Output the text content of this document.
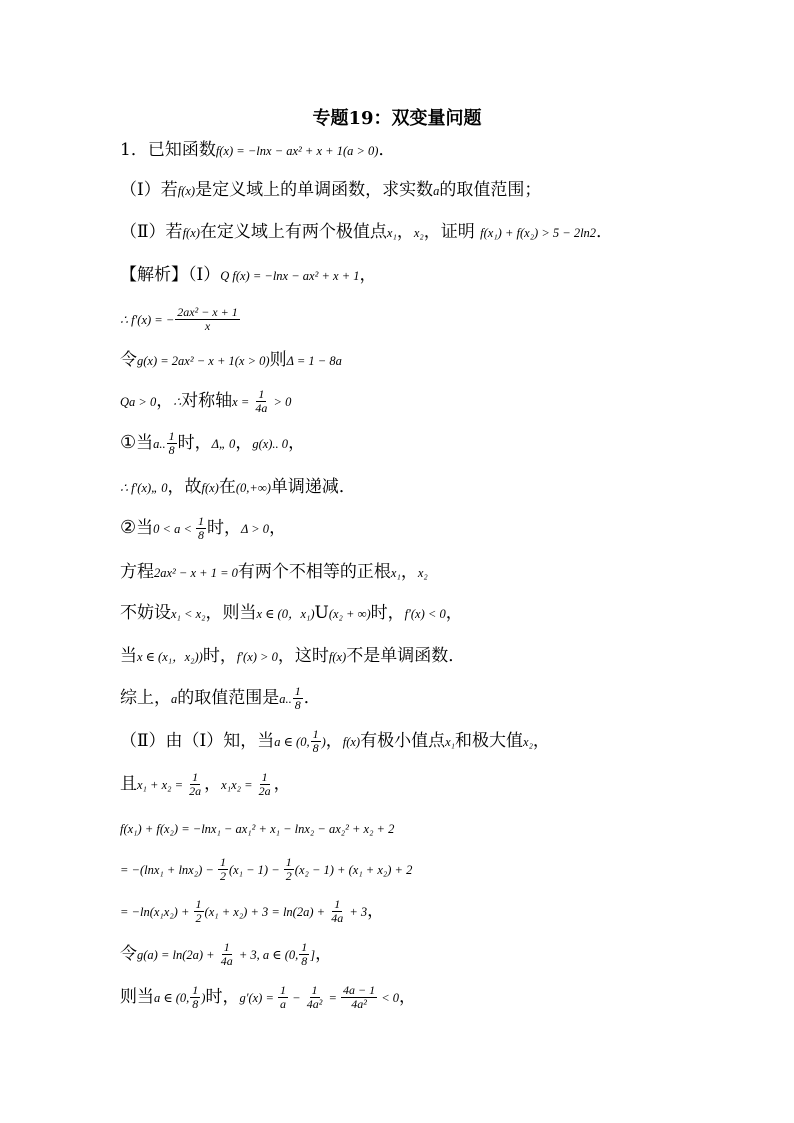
专题19：双变量问题
1．已知函数f(x) = −lnx − ax² + x + 1(a > 0)．
（Ⅰ）若f(x)是定义域上的单调函数，求实数a的取值范围；
（Ⅱ）若f(x)在定义域上有两个极值点x₁，x₂，证明 f(x₁) + f(x₂) > 5 − 2ln2．
【解析】（Ⅰ）Q f(x) = −lnx − ax² + x + 1，
∴ f′(x) = − $\frac{\text{2ax² − x + 1}}{x}$
令g(x) = 2ax² − x + 1(x > 0)则Δ = 1 − 8a
Qa > 0，∴对称轴$x = \frac{1}{4a} > 0$
①当a.. $\frac{1}{8}$ 时，Δ„ 0，g(x).. 0，
∴ f′(x)„ 0，故f(x)在(0,+∞)单调递减．
②当$0 < a < \frac{1}{8}$ 时，Δ > 0，
方程2ax² − x + 1 = 0有两个不相等的正根x₁，x₂
不妨设x₁ < x₂，则当x ∈ (0，x₁)U(x₂ + ∞)时，f′(x) < 0，
当x ∈ (x₁，x₂))时，f′(x) > 0，这时f(x)不是单调函数．
综上，a的取值范围是a.. $\frac{1}{8}$ ．
（Ⅱ）由（Ⅰ）知，当a ∈ (0, $\frac{1}{8}$ )，f(x)有极小值点x₁和极大值x₂，
且$x_1 + x_2 = \frac{1}{2a}$ ，$x_1x_2 = \frac{1}{2a}$ ，
f(x₁) + f(x₂) = −lnx₁ − ax₁² + x₁ − lnx₂ − ax₂² + x₂ + 2
= $-(\ln x_1 + \ln x_2) - \frac{1}{2} (x_1 - 1) - \frac{1}{2} (x_2 - 1) + (x_1 + x_2) + 2$
= $-\ln(x_1x_2) + \frac{1}{2} (x_1 + x_2) + 3 = \ln(2a) + \frac{1}{4a} + 3$，
令$g(a) = \ln(2a) + \frac{1}{4a} + 3$, a ∈ (0, $\frac{1}{8}$ ]，
则当a ∈ (0, $\frac{1}{8}$ )时，$g'(x) = \frac{1}{a} - \frac{1}{\text{4a²}} = \frac{4a - 1}{\text{4a²}} < 0$，
